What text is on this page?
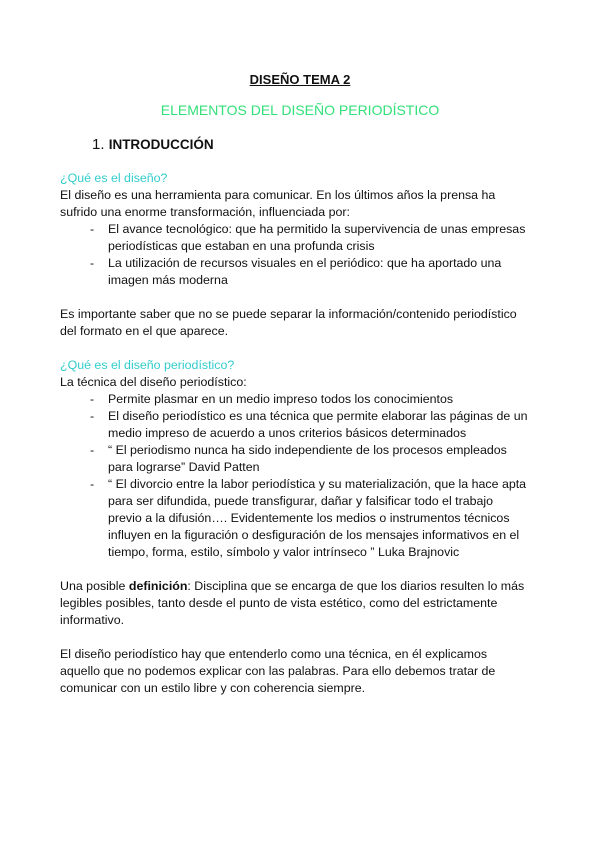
DISEÑO TEMA 2
ELEMENTOS DEL DISEÑO PERIODÍSTICO
1. INTRODUCCIÓN
¿Qué es el diseño?

El diseño es una herramienta para comunicar. En los últimos años la prensa ha sufrido una enorme transformación, influenciada por:

- El avance tecnológico: que ha permitido la supervivencia de unas empresas periodísticas que estaban en una profunda crisis
- La utilización de recursos visuales en el periódico: que ha aportado una imagen más moderna

Es importante saber que no se puede separar la información/contenido periodístico del formato en el que aparece.

¿Qué es el diseño periodístico?

La técnica del diseño periodístico:

- Permite plasmar en un medio impreso todos los conocimientos
- El diseño periodístico es una técnica que permite elaborar las páginas de un medio impreso de acuerdo a unos criterios básicos determinados
- “ El periodismo nunca ha sido independiente de los procesos empleados para lograrse” David Patten
- “ El divorcio entre la labor periodística y su materialización, que la hace apta para ser difundida, puede transfigurar, dañar y falsificar todo el trabajo previo a la difusión…. Evidentemente los medios o instrumentos técnicos influyen en la figuración o desfiguración de los mensajes informativos en el tiempo, forma, estilo, símbolo y valor intrínseco ” Luka Brajnovic

Una posible definición: Disciplina que se encarga de que los diarios resulten lo más legibles posibles, tanto desde el punto de vista estético, como del estrictamente informativo.

El diseño periodístico hay que entenderlo como una técnica, en él explicamos aquello que no podemos explicar con las palabras. Para ello debemos tratar de comunicar con un estilo libre y con coherencia siempre.
